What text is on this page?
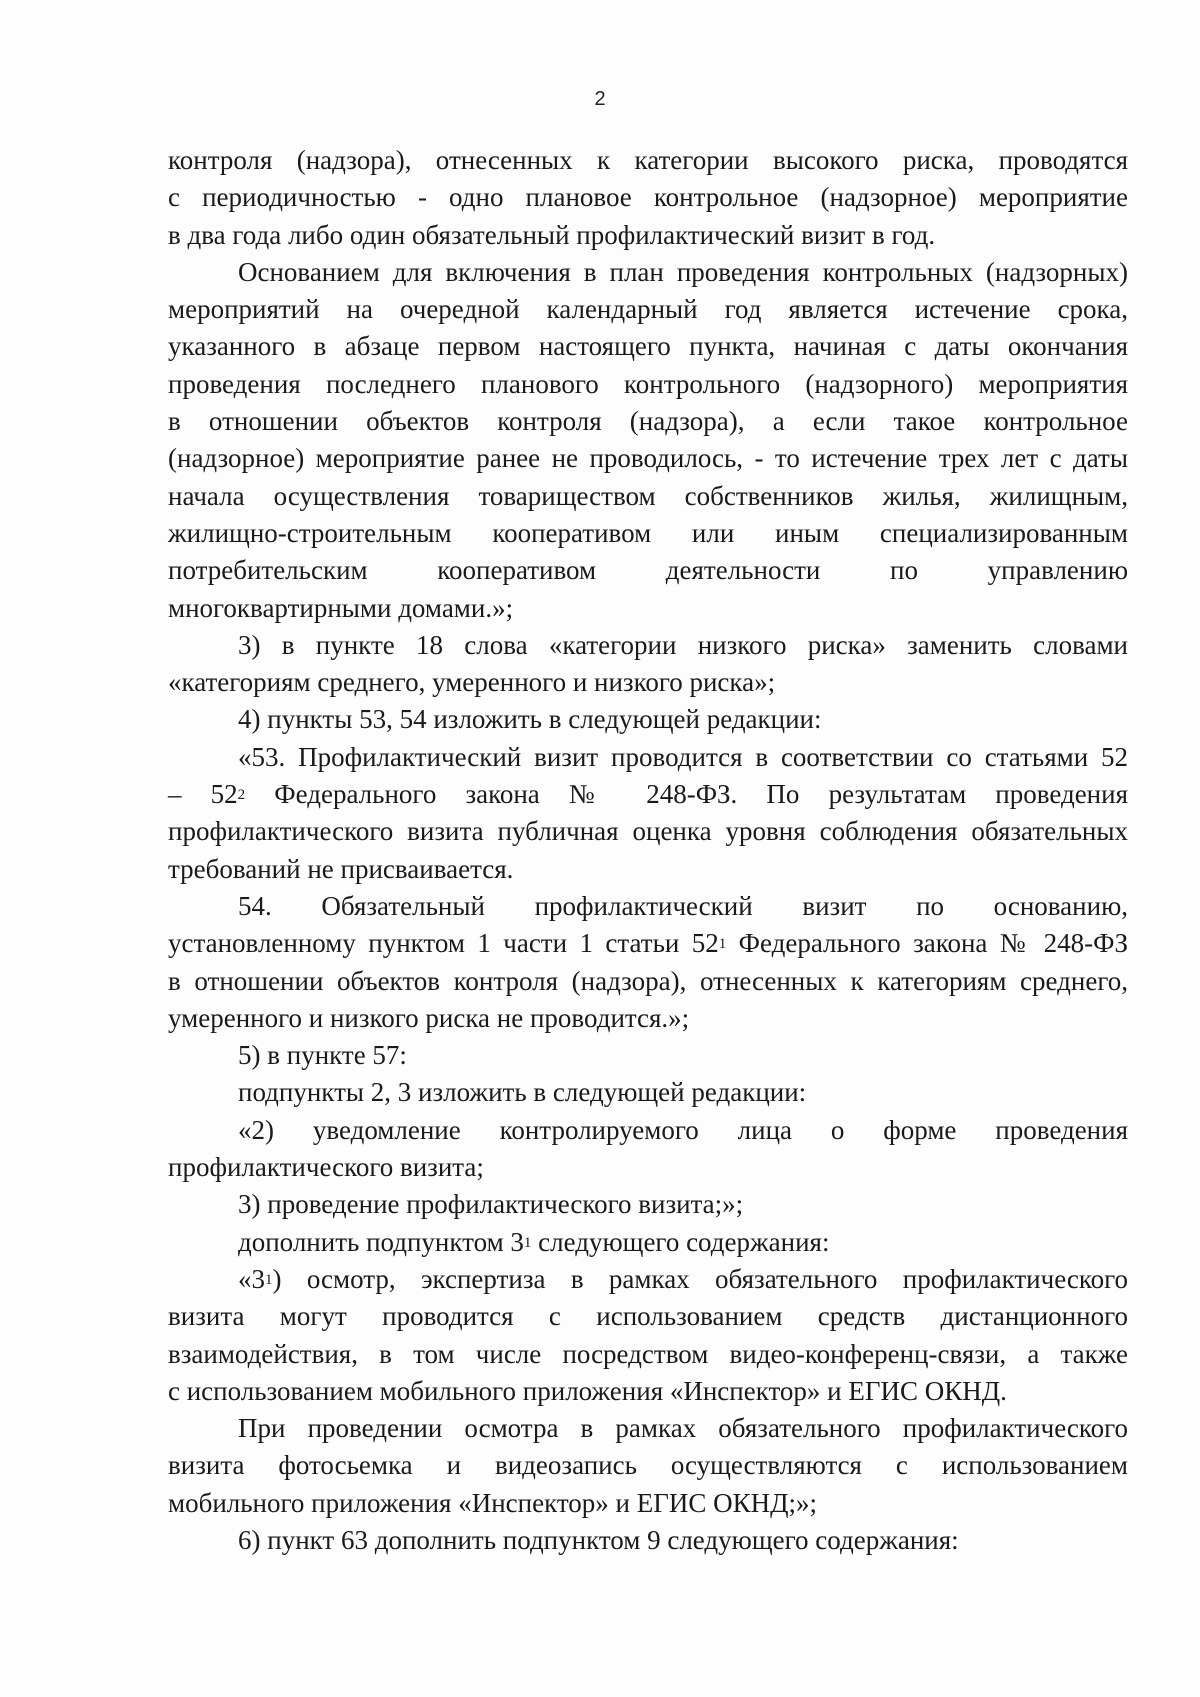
2
контроля (надзора), отнесенных к категории высокого риска, проводятся
с периодичностью - одно плановое контрольное (надзорное) мероприятие
в два года либо один обязательный профилактический визит в год.
Основанием для включения в план проведения контрольных (надзорных)
мероприятий на очередной календарный год является истечение срока,
указанного в абзаце первом настоящего пункта, начиная с даты окончания
проведения последнего планового контрольного (надзорного) мероприятия
в отношении объектов контроля (надзора), а если такое контрольное
(надзорное) мероприятие ранее не проводилось, - то истечение трех лет с даты
начала осуществления товариществом собственников жилья, жилищным,
жилищно-строительным кооперативом или иным специализированным
потребительским кооперативом деятельности по управлению
многоквартирными домами.»;
3) в пункте 18 слова «категории низкого риска» заменить словами
«категориям среднего, умеренного и низкого риска»;
4) пункты 53, 54 изложить в следующей редакции:
«53. Профилактический визит проводится в соответствии со статьями 52
– $52^2$ Федерального закона № 248-ФЗ. По результатам проведения
профилактического визита публичная оценка уровня соблюдения обязательных
требований не присваивается.
54. Обязательный профилактический визит по основанию,
установленному пунктом 1 части 1 статьи $52^1$ Федерального закона № 248-ФЗ
в отношении объектов контроля (надзора), отнесенных к категориям среднего,
умеренного и низкого риска не проводится.»;
5) в пункте 57:
подпункты 2, 3 изложить в следующей редакции:
«2) уведомление контролируемого лица о форме проведения
профилактического визита;
3) проведение профилактического визита;»;
дополнить подпунктом $3^1$ следующего содержания:
«$3^1$) осмотр, экспертиза в рамках обязательного профилактического
визита могут проводится с использованием средств дистанционного
взаимодействия, в том числе посредством видео-конференц-связи, а также
с использованием мобильного приложения «Инспектор» и ЕГИС ОКНД.
При проведении осмотра в рамках обязательного профилактического
визита фотосьемка и видеозапись осуществляются с использованием
мобильного приложения «Инспектор» и ЕГИС ОКНД;»;
6) пункт 63 дополнить подпунктом 9 следующего содержания:
